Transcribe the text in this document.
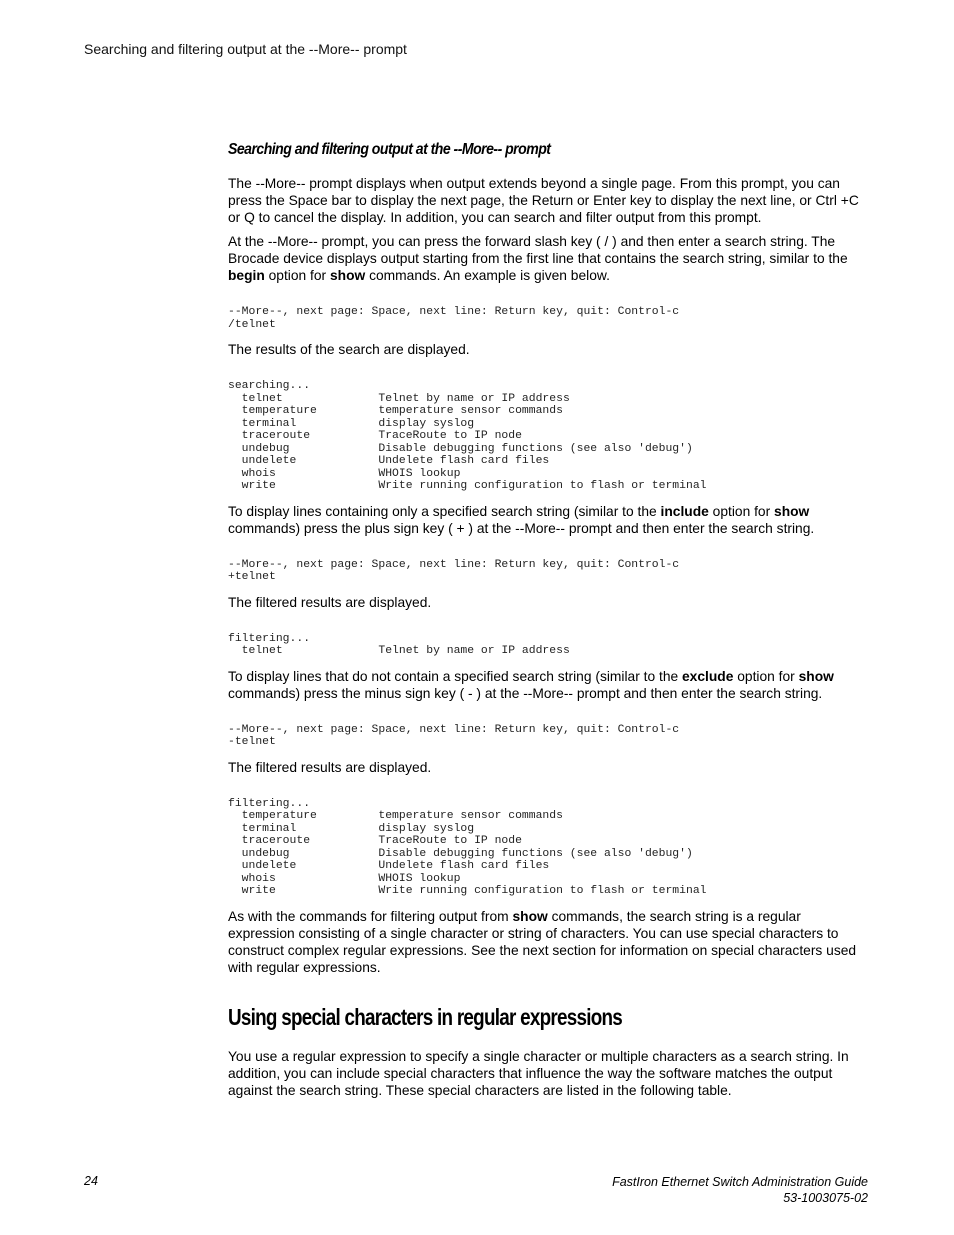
Searching and filtering output at the --More-- prompt
Searching and filtering output at the --More-- prompt

The --More-- prompt displays when output extends beyond a single page. From this prompt, you can press the Space bar to display the next page, the Return or Enter key to display the next line, or Ctrl +C or Q to cancel the display. In addition, you can search and filter output from this prompt.

At the --More-- prompt, you can press the forward slash key ( / ) and then enter a search string. The Brocade device displays output starting from the first line that contains the search string, similar to the begin option for show commands. An example is given below.

--More--, next page: Space, next line: Return key, quit: Control-c
/telnet

The results of the search are displayed.

searching...
telnet              Telnet by name or IP address
temperature         temperature sensor commands
terminal            display syslog
traceroute          TraceRoute to IP node
undebug             Disable debugging functions (see also 'debug')
undelete            Undelete flash card files
whois               WHOIS lookup
write               Write running configuration to flash or terminal

To display lines containing only a specified search string (similar to the include option for show commands) press the plus sign key ( + ) at the --More-- prompt and then enter the search string.

--More--, next page: Space, next line: Return key, quit: Control-c
+telnet

The filtered results are displayed.

filtering...
telnet              Telnet by name or IP address

To display lines that do not contain a specified search string (similar to the exclude option for show commands) press the minus sign key ( - ) at the --More-- prompt and then enter the search string.

--More--, next page: Space, next line: Return key, quit: Control-c
-telnet

The filtered results are displayed.

filtering...
temperature         temperature sensor commands
terminal            display syslog
traceroute          TraceRoute to IP node
undebug             Disable debugging functions (see also 'debug')
undelete            Undelete flash card files
whois               WHOIS lookup
write               Write running configuration to flash or terminal

As with the commands for filtering output from show commands, the search string is a regular expression consisting of a single character or string of characters. You can use special characters to construct complex regular expressions. See the next section for information on special characters used with regular expressions.

Using special characters in regular expressions

You use a regular expression to specify a single character or multiple characters as a search string. In addition, you can include special characters that influence the way the software matches the output against the search string. These special characters are listed in the following table.

24	FastIron Ethernet Switch Administration Guide
53-1003075-02
